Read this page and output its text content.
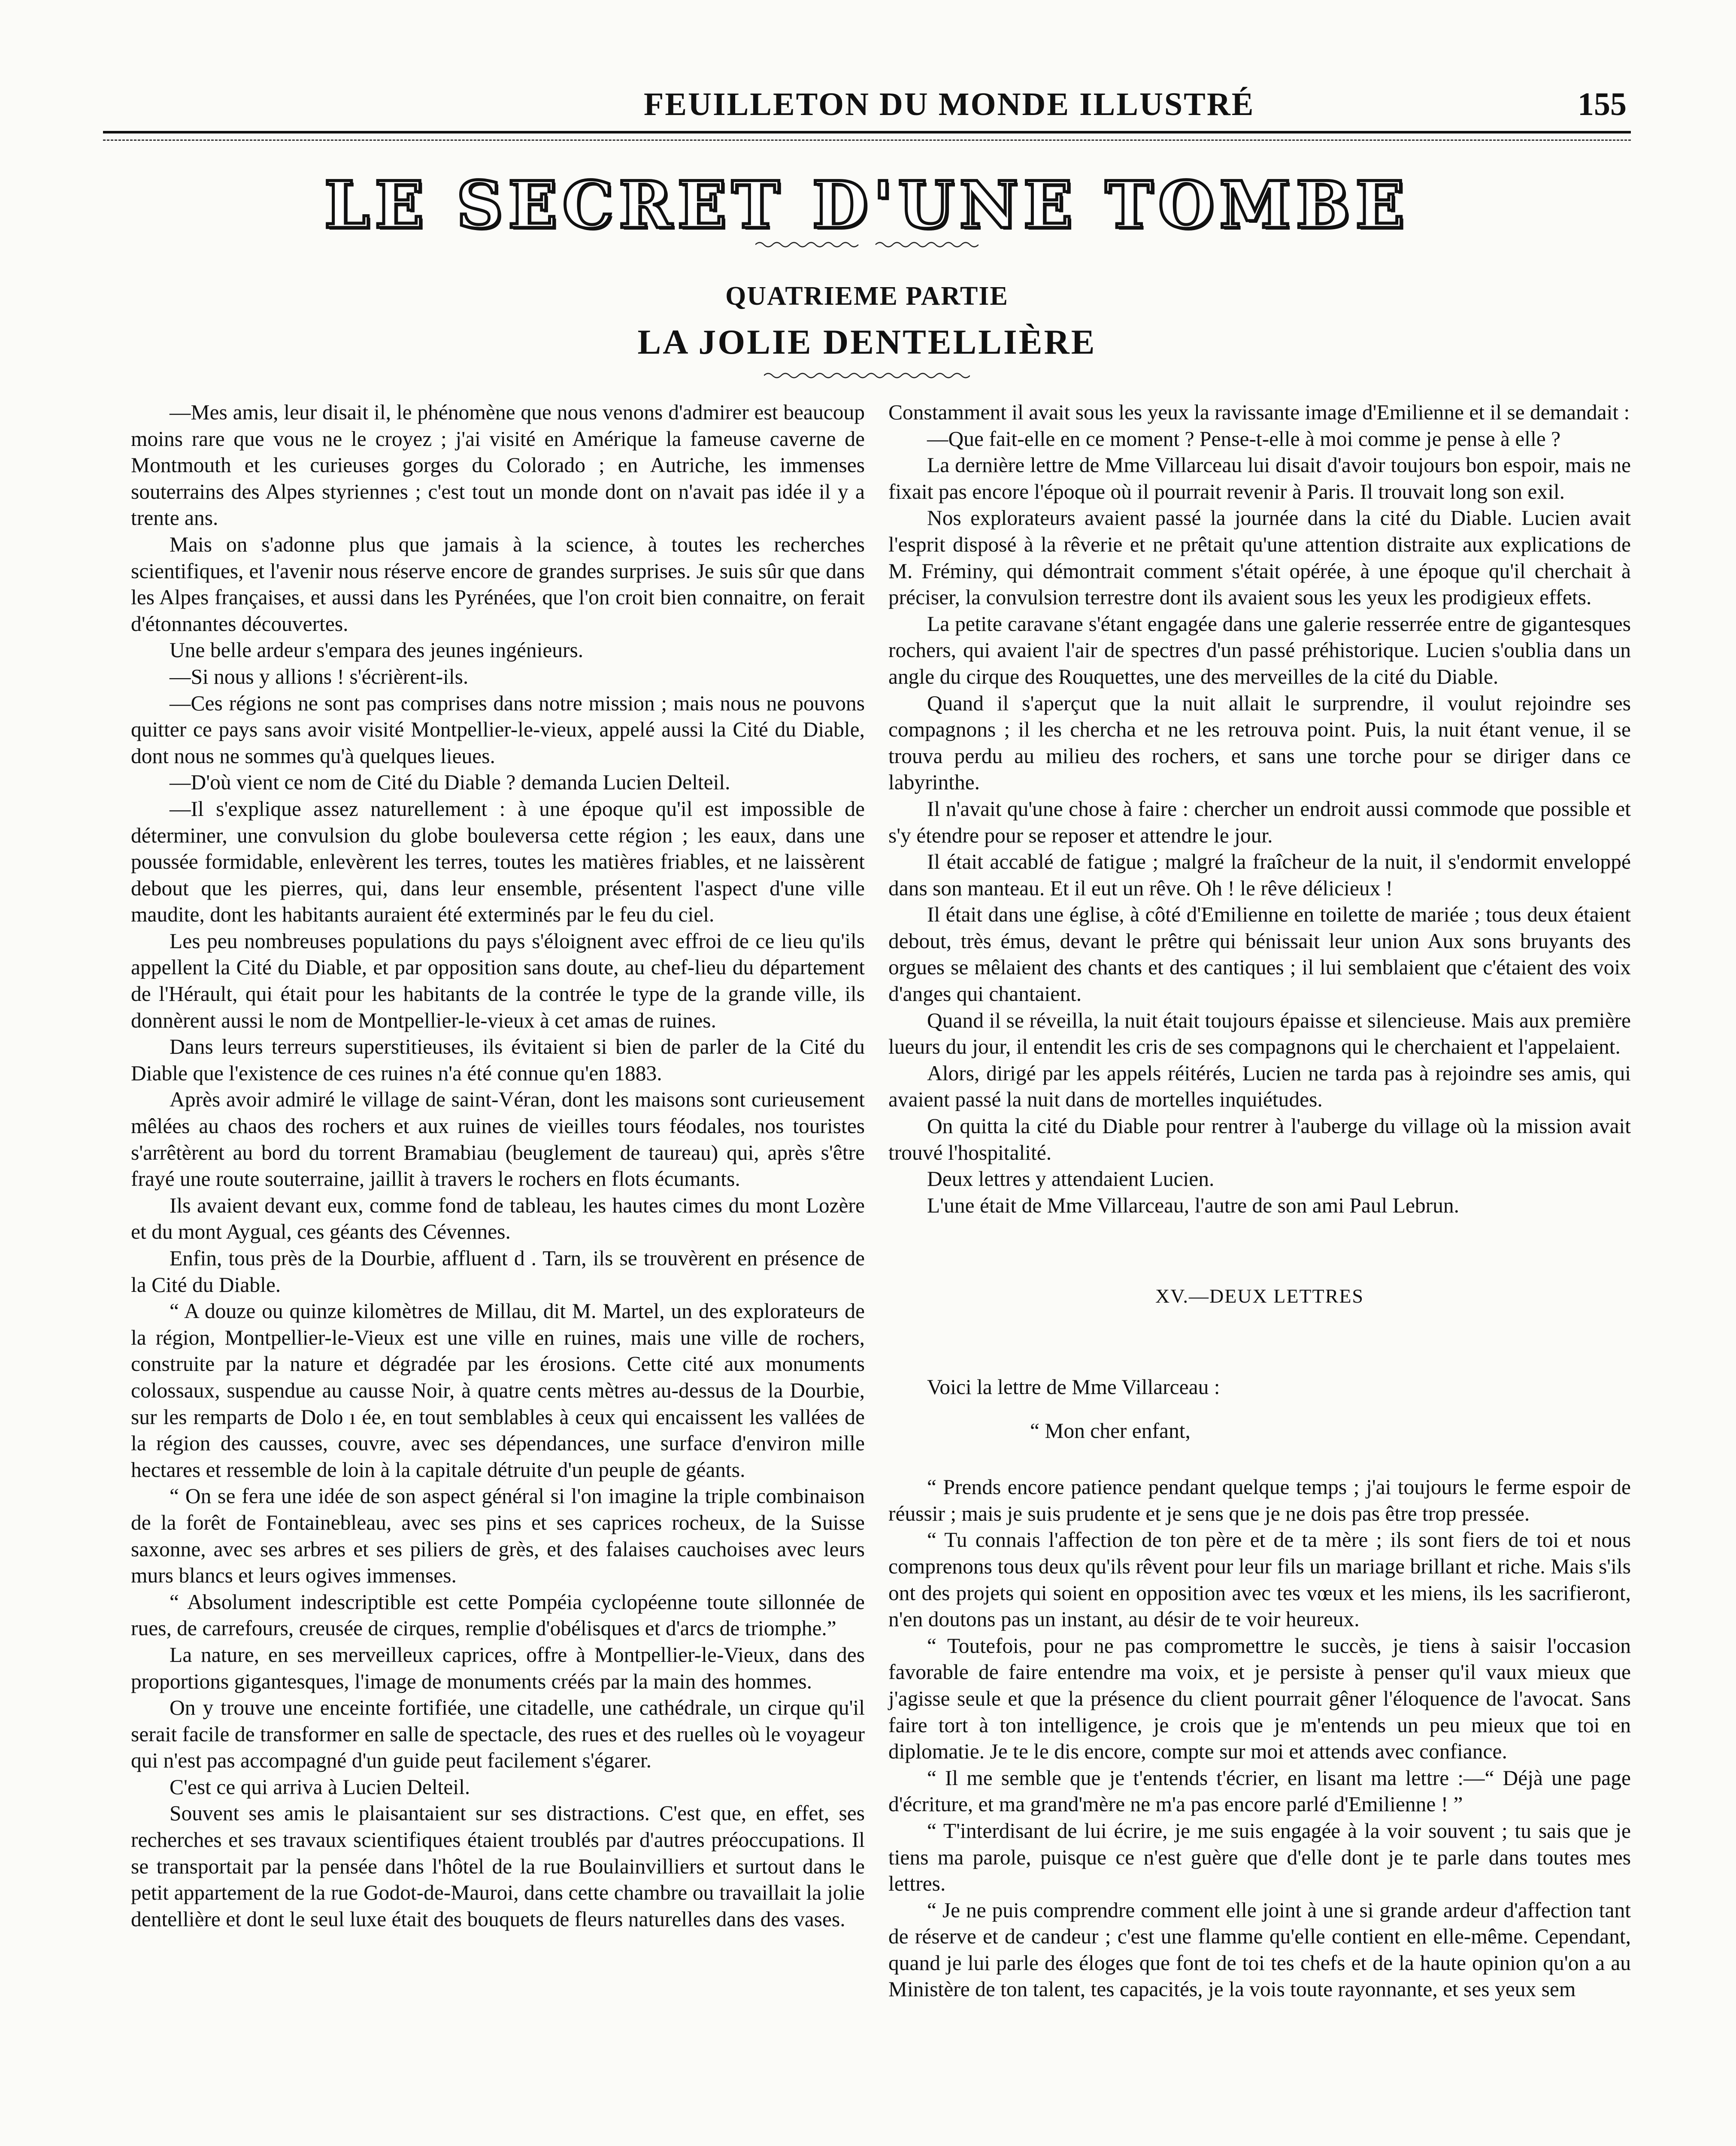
FEUILLETON DU MONDE ILLUSTRÉ	155
LE SECRET D'UNE TOMBE
QUATRIEME PARTIE
LA JOLIE DENTELLIÈRE

—Mes amis, leur disait il, le phénomène que nous venons d'admirer est beaucoup moins rare que vous ne le croyez ; j'ai visité en Amérique la fameuse caverne de Montmouth et les curieuses gorges du Colorado ; en Autriche, les immenses souterrains des Alpes styriennes ; c'est tout un monde dont on n'avait pas idée il y a trente ans.

Mais on s'adonne plus que jamais à la science, à toutes les recherches scientifiques, et l'avenir nous réserve encore de grandes surprises. Je suis sûr que dans les Alpes françaises, et aussi dans les Pyrénées, que l'on croit bien connaitre, on ferait d'étonnantes découvertes.

Une belle ardeur s'empara des jeunes ingénieurs.

—Si nous y allions ! s'écrièrent-ils.

—Ces régions ne sont pas comprises dans notre mission ; mais nous ne pouvons quitter ce pays sans avoir visité Montpellier-le-vieux, appelé aussi la Cité du Diable, dont nous ne sommes qu'à quelques lieues.

—D'où vient ce nom de Cité du Diable ? demanda Lucien Delteil.

—Il s'explique assez naturellement : à une époque qu'il est impossible de déterminer, une convulsion du globe bouleversa cette région ; les eaux, dans une poussée formidable, enlevèrent les terres, toutes les matières friables, et ne laissèrent debout que les pierres, qui, dans leur ensemble, présentent l'aspect d'une ville maudite, dont les habitants auraient été exterminés par le feu du ciel.

Les peu nombreuses populations du pays s'éloignent avec effroi de ce lieu qu'ils appellent la Cité du Diable, et par opposition sans doute, au chef-lieu du département de l'Hérault, qui était pour les habitants de la contrée le type de la grande ville, ils donnèrent aussi le nom de Montpellier-le-vieux à cet amas de ruines.

Dans leurs terreurs superstitieuses, ils évitaient si bien de parler de la Cité du Diable que l'existence de ces ruines n'a été connue qu'en 1883.

Après avoir admiré le village de saint-Véran, dont les maisons sont curieusement mêlées au chaos des rochers et aux ruines de vieilles tours féodales, nos touristes s'arrêtèrent au bord du torrent Bramabiau (beuglement de taureau) qui, après s'être frayé une route souterraine, jaillit à travers le rochers en flots écumants.

Ils avaient devant eux, comme fond de tableau, les hautes cimes du mont Lozère et du mont Aygual, ces géants des Cévennes.

Enfin, tous près de la Dourbie, affluent d . Tarn, ils se trouvèrent en présence de la Cité du Diable.

“ A douze ou quinze kilomètres de Millau, dit M. Martel, un des explorateurs de la région, Montpellier-le-Vieux est une ville en ruines, mais une ville de rochers, construite par la nature et dégradée par les érosions. Cette cité aux monuments colossaux, suspendue au causse Noir, à quatre cents mètres au-dessus de la Dourbie, sur les remparts de Dolo ı ée, en tout semblables à ceux qui encaissent les vallées de la région des causses, couvre, avec ses dépendances, une surface d'environ mille hectares et ressemble de loin à la capitale détruite d'un peuple de géants.

“ On se fera une idée de son aspect général si l'on imagine la triple combinaison de la forêt de Fontainebleau, avec ses pins et ses caprices rocheux, de la Suisse saxonne, avec ses arbres et ses piliers de grès, et des falaises cauchoises avec leurs murs blancs et leurs ogives immenses.

“ Absolument indescriptible est cette Pompéia cyclopéenne toute sillonnée de rues, de carrefours, creusée de cirques, remplie d'obélisques et d'arcs de triomphe.”

La nature, en ses merveilleux caprices, offre à Montpellier-le-Vieux, dans des proportions gigantesques, l'image de monuments créés par la main des hommes.

On y trouve une enceinte fortifiée, une citadelle, une cathédrale, un cirque qu'il serait facile de transformer en salle de spectacle, des rues et des ruelles où le voyageur qui n'est pas accompagné d'un guide peut facilement s'égarer.

C'est ce qui arriva à Lucien Delteil.

Souvent ses amis le plaisantaient sur ses distractions. C'est que, en effet, ses recherches et ses travaux scientifiques étaient troublés par d'autres préoccupations. Il se transportait par la pensée dans l'hôtel de la rue Boulainvilliers et surtout dans le petit appartement de la rue Godot-de-Mauroi, dans cette chambre ou travaillait la jolie dentellière et dont le seul luxe était des bouquets de fleurs naturelles dans des vases.

Constamment il avait sous les yeux la ravissante image d'Emilienne et il se demandait :

—Que fait-elle en ce moment ? Pense-t-elle à moi comme je pense à elle ?

La dernière lettre de Mme Villarceau lui disait d'avoir toujours bon espoir, mais ne fixait pas encore l'époque où il pourrait revenir à Paris. Il trouvait long son exil.

Nos explorateurs avaient passé la journée dans la cité du Diable. Lucien avait l'esprit disposé à la rêverie et ne prêtait qu'une attention distraite aux explications de M. Fréminy, qui démontrait comment s'était opérée, à une époque qu'il cherchait à préciser, la convulsion terrestre dont ils avaient sous les yeux les prodigieux effets.

La petite caravane s'étant engagée dans une galerie resserrée entre de gigantesques rochers, qui avaient l'air de spectres d'un passé préhistorique. Lucien s'oublia dans un angle du cirque des Rouquettes, une des merveilles de la cité du Diable.

Quand il s'aperçut que la nuit allait le surprendre, il voulut rejoindre ses compagnons ; il les chercha et ne les retrouva point. Puis, la nuit étant venue, il se trouva perdu au milieu des rochers, et sans une torche pour se diriger dans ce labyrinthe.

Il n'avait qu'une chose à faire : chercher un endroit aussi commode que possible et s'y étendre pour se reposer et attendre le jour.

Il était accablé de fatigue ; malgré la fraîcheur de la nuit, il s'endormit enveloppé dans son manteau. Et il eut un rêve. Oh ! le rêve délicieux !

Il était dans une église, à côté d'Emilienne en toilette de mariée ; tous deux étaient debout, très émus, devant le prêtre qui bénissait leur union Aux sons bruyants des orgues se mêlaient des chants et des cantiques ; il lui semblaient que c'étaient des voix d'anges qui chantaient.

Quand il se réveilla, la nuit était toujours épaisse et silencieuse. Mais aux première lueurs du jour, il entendit les cris de ses compagnons qui le cherchaient et l'appelaient.

Alors, dirigé par les appels réitérés, Lucien ne tarda pas à rejoindre ses amis, qui avaient passé la nuit dans de mortelles inquiétudes.

On quitta la cité du Diable pour rentrer à l'auberge du village où la mission avait trouvé l'hospitalité.

Deux lettres y attendaient Lucien.

L'une était de Mme Villarceau, l'autre de son ami Paul Lebrun.

XV.—DEUX LETTRES

Voici la lettre de Mme Villarceau :

“ Mon cher enfant,

“ Prends encore patience pendant quelque temps ; j'ai toujours le ferme espoir de réussir ; mais je suis prudente et je sens que je ne dois pas être trop pressée.

“ Tu connais l'affection de ton père et de ta mère ; ils sont fiers de toi et nous comprenons tous deux qu'ils rêvent pour leur fils un mariage brillant et riche. Mais s'ils ont des projets qui soient en opposition avec tes vœux et les miens, ils les sacrifieront, n'en doutons pas un instant, au désir de te voir heureux.

“ Toutefois, pour ne pas compromettre le succès, je tiens à saisir l'occasion favorable de faire entendre ma voix, et je persiste à penser qu'il vaux mieux que j'agisse seule et que la présence du client pourrait gêner l'éloquence de l'avocat. Sans faire tort à ton intelligence, je crois que je m'entends un peu mieux que toi en diplomatie. Je te le dis encore, compte sur moi et attends avec confiance.

“ Il me semble que je t'entends t'écrier, en lisant ma lettre :—“ Déjà une page d'écriture, et ma grand'mère ne m'a pas encore parlé d'Emilienne ! ”

“ T'interdisant de lui écrire, je me suis engagée à la voir souvent ; tu sais que je tiens ma parole, puisque ce n'est guère que d'elle dont je te parle dans toutes mes lettres.

“ Je ne puis comprendre comment elle joint à une si grande ardeur d'affection tant de réserve et de candeur ; c'est une flamme qu'elle contient en elle-même. Cependant, quand je lui parle des éloges que font de toi tes chefs et de la haute opinion qu'on a au Ministère de ton talent, tes capacités, je la vois toute rayonnante, et ses yeux sem
